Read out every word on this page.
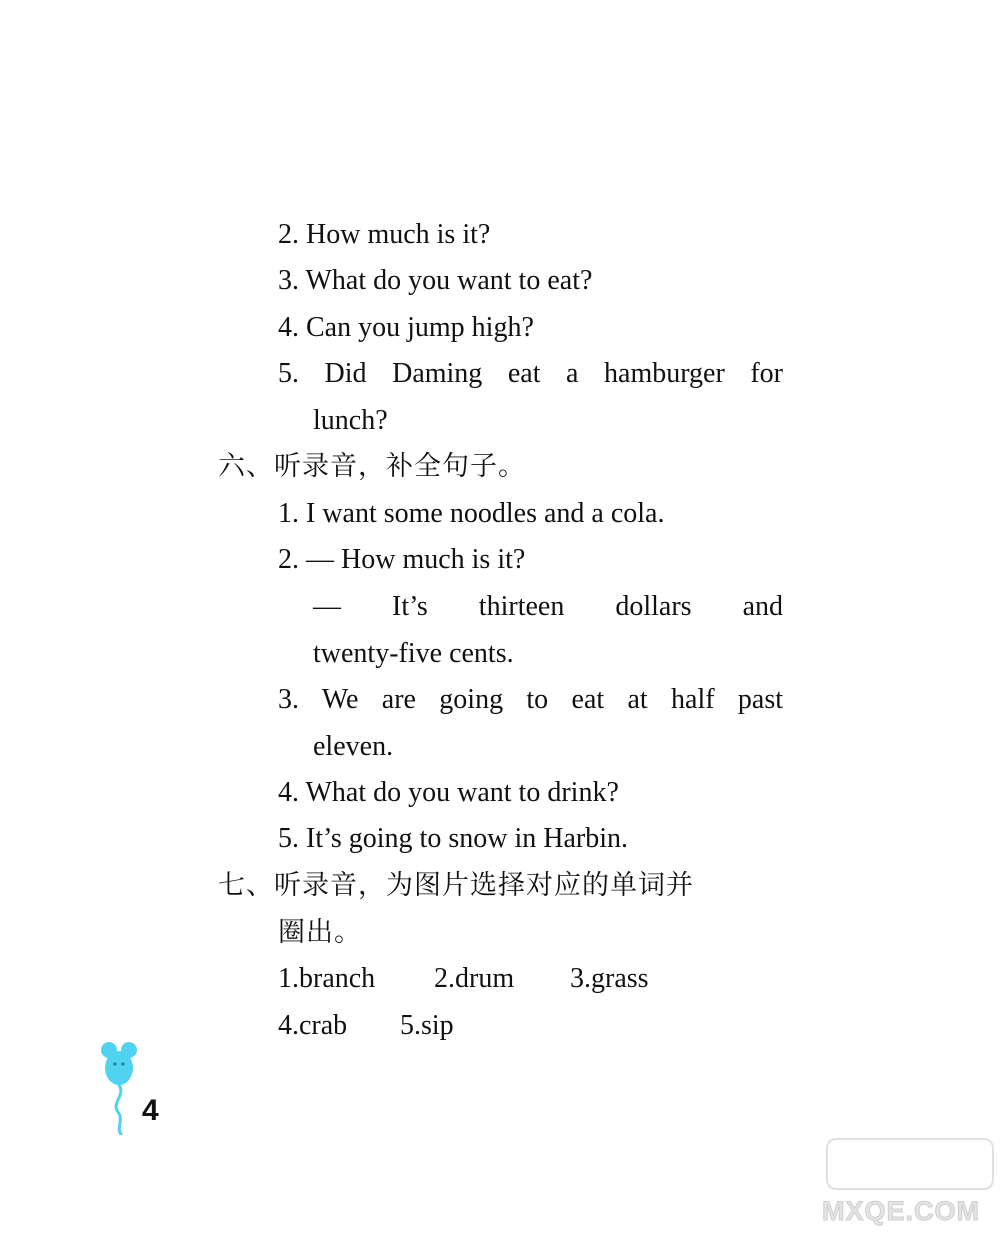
2. How much is it?
3. What do you want to eat?
4. Can you jump high?
5. Did Daming eat a hamburger for
lunch?
六、听录音，补全句子。
1. I want some noodles and a cola.
2. — How much is it?
— It’s thirteen dollars and
twenty-five cents.
3. We are going to eat at half past
eleven.
4. What do you want to drink?
5. It’s going to snow in Harbin.
七、听录音，为图片选择对应的单词并
圈出。
1.branch 2.drum 3.grass
4.crab 5.sip
4
MXQE.COM
